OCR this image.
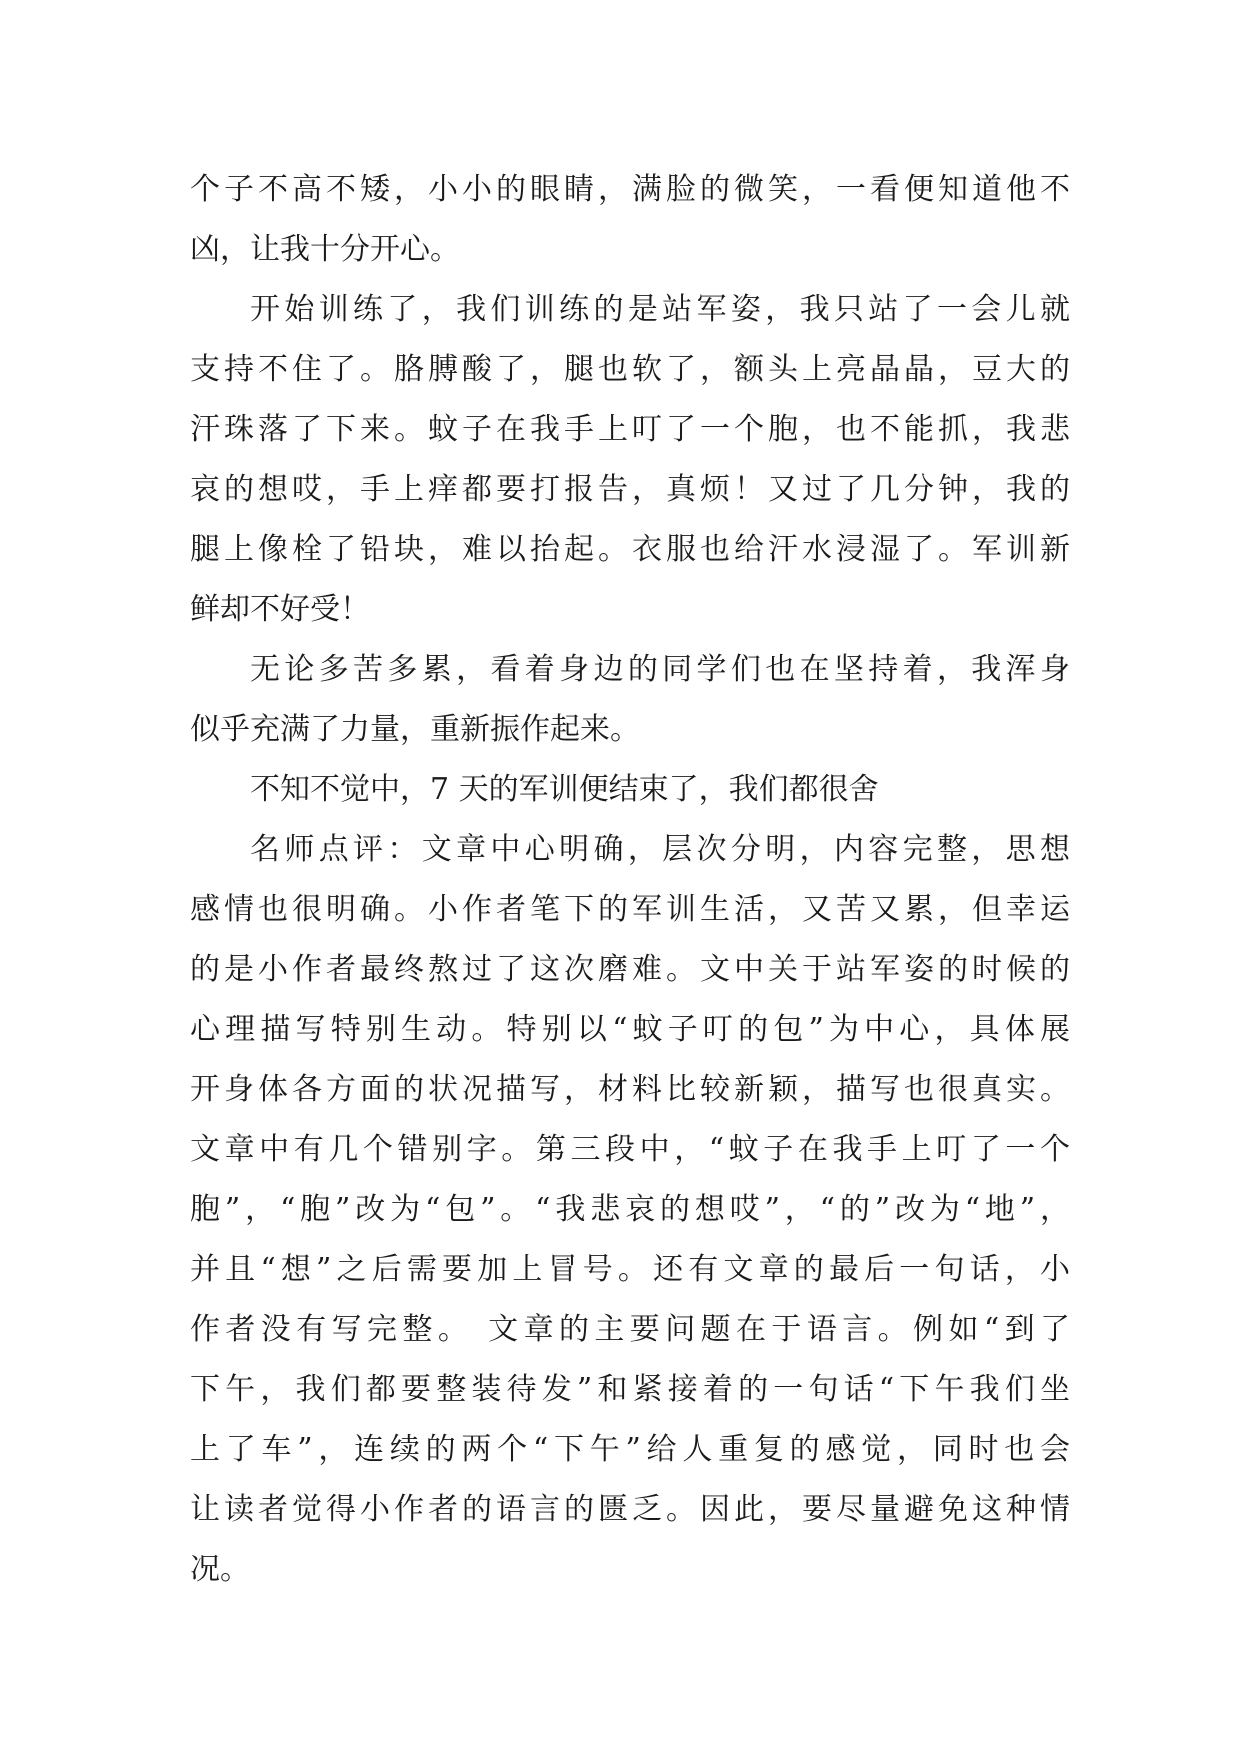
个子不高不矮，小小的眼睛，满脸的微笑，一看便知道他不
凶，让我十分开心。
开始训练了，我们训练的是站军姿，我只站了一会儿就
支持不住了。胳膊酸了，腿也软了，额头上亮晶晶，豆大的
汗珠落了下来。蚊子在我手上叮了一个胞，也不能抓，我悲
哀的想哎，手上痒都要打报告，真烦！又过了几分钟，我的
腿上像栓了铅块，难以抬起。衣服也给汗水浸湿了。军训新
鲜却不好受！
无论多苦多累，看着身边的同学们也在坚持着，我浑身
似乎充满了力量，重新振作起来。
不知不觉中，7 天的军训便结束了，我们都很舍
名师点评：文章中心明确，层次分明，内容完整，思想
感情也很明确。小作者笔下的军训生活，又苦又累，但幸运
的是小作者最终熬过了这次磨难。文中关于站军姿的时候的
心理描写特别生动。特别以“蚊子叮的包”为中心，具体展
开身体各方面的状况描写，材料比较新颖，描写也很真实。
文章中有几个错别字。第三段中，“蚊子在我手上叮了一个
胞”，“胞”改为“包”。“我悲哀的想哎”，“的”改为“地”，
并且“想”之后需要加上冒号。还有文章的最后一句话，小
作者没有写完整。 文章的主要问题在于语言。例如“到了
下午，我们都要整装待发”和紧接着的一句话“下午我们坐
上了车”，连续的两个“下午”给人重复的感觉，同时也会
让读者觉得小作者的语言的匮乏。因此，要尽量避免这种情
况。
